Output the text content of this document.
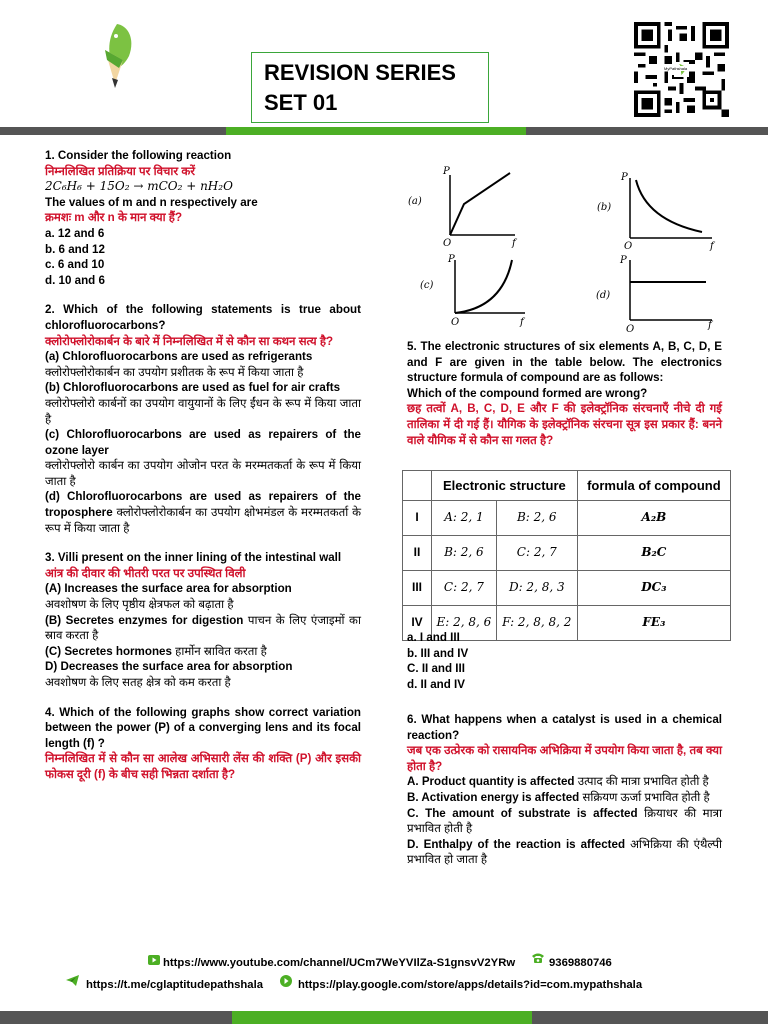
REVISION SERIES
SET 01
MyPathshala

1. Consider the following reaction

निम्नलिखित प्रतिक्रिया पर विचार करें

2C₆H₆ + 15O₂ → mCO₂ + nH₂O

The values of m and n respectively are

क्रमशः m और n के मान क्या हैं?

a. 12 and 6

b. 6 and 12

c. 6 and 10

d. 10 and 6

2. Which of the following statements is true about chlorofluorocarbons?

क्लोरोफ्लोरोकार्बन के बारे में निम्नलिखित में से कौन सा कथन सत्य है?

(a) Chlorofluorocarbons are used as refrigerants

क्लोरोफ्लोरोकार्बन का उपयोग प्रशीतक के रूप में किया जाता है

(b) Chlorofluorocarbons are used as fuel for air crafts

क्लोरोफ्लोरो कार्बनों का उपयोग वायुयानों के लिए ईंधन के रूप में किया जाता है

(c) Chlorofluorocarbons are used as repairers of the ozone layer

क्लोरोफ्लोरो कार्बन का उपयोग ओजोन परत के मरम्मतकर्ता के रूप में किया जाता है

(d) Chlorofluorocarbons are used as repairers of the troposphere क्लोरोफ्लोरोकार्बन का उपयोग क्षोभमंडल के मरम्मतकर्ता के रूप में किया जाता है

3. Villi present on the inner lining of the intestinal wall

आंत्र की दीवार की भीतरी परत पर उपस्थित विली

(A) Increases the surface area for absorption

अवशोषण के लिए पृष्ठीय क्षेत्रफल को बढ़ाता है

(B) Secretes enzymes for digestion पाचन के लिए एंजाइमों का स्राव करता है

(C) Secretes hormones हार्मोन स्रावित करता है

D) Decreases the surface area for absorption

अवशोषण के लिए सतह क्षेत्र को कम करता है

4. Which of the following graphs show correct variation between the power (P) of a converging lens and its focal length (f) ?

निम्नलिखित में से कौन सा आलेख अभिसारी लेंस की शक्ति (P) और इसकी फोकस दूरी (f) के बीच सही भिन्नता दर्शाता है?

(a)
P
O	f
(b)
P
O	f
(c)
P
O	f
(d)
P
O	f

5. The electronic structures of six elements A, B, C, D, E and F are given in the table below. The electronics structure formula of compound are as follows:

Which of the compound formed are wrong?

छह तत्वों A, B, C, D, E और F की इलेक्ट्रॉनिक संरचनाएँ नीचे दी गई तालिका में दी गई हैं। यौगिक के इलेक्ट्रॉनिक संरचना सूत्र इस प्रकार हैं: बनने वाले यौगिक में से कौन सा गलत है?

	Electronic structure		formula of compound
I	A: 2, 1	B: 2, 6	A₂B
II	B: 2, 6	C: 2, 7	B₂C
III	C: 2, 7	D: 2, 8, 3	DC₃
IV	E: 2, 8, 6	F: 2, 8, 8, 2	FE₃

a. I and III

b. III and IV

C. II and III

d. II and IV

6. What happens when a catalyst is used in a chemical reaction?

जब एक उत्प्रेरक को रासायनिक अभिक्रिया में उपयोग किया जाता है, तब क्या होता है?

A. Product quantity is affected उत्पाद की मात्रा प्रभावित होती है

B. Activation energy is affected सक्रियण ऊर्जा प्रभावित होती है

C. The amount of substrate is affected क्रियाधर की मात्रा प्रभावित होती है

D. Enthalpy of the reaction is affected अभिक्रिया की एंथैल्पी प्रभावित हो जाता है

https://www.youtube.com/channel/UCm7WeYVIlZa-S1gnsvV2YRw	9369880746
https://t.me/cglaptitudepathshala	https://play.google.com/store/apps/details?id=com.mypathshala
